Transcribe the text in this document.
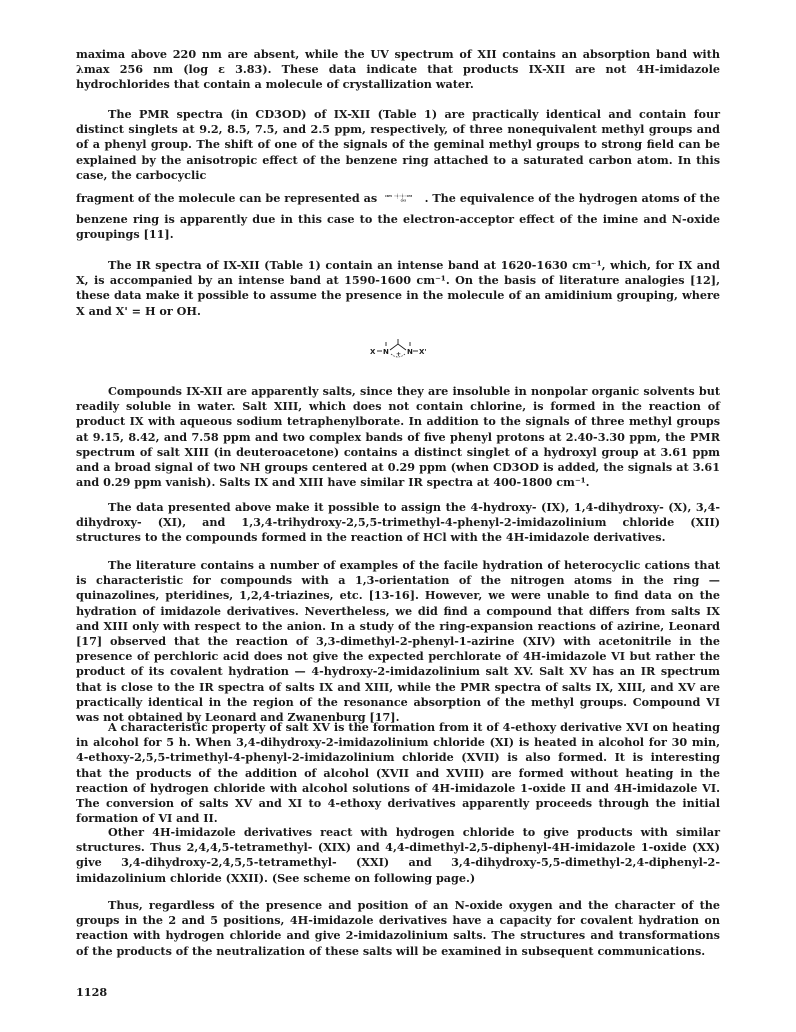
maxima above 220 nm are absent, while the UV spectrum of XII contains an absorption band with λmax 256 nm (log ε 3.83). These data indicate that products IX-XII are not 4H-imidazole hydrochlorides that contain a molecule of crystallization water.

The PMR spectra (in CD3OD) of IX-XII (Table 1) are practically identical and contain four distinct singlets at 9.2, 8.5, 7.5, and 2.5 ppm, respectively, of three nonequivalent methyl groups and of a phenyl group. The shift of one of the signals of the geminal methyl groups to strong field can be explained by the anisotropic effect of the benzene ring attached to a saturated carbon atom. In this case, the carbocyclic

fragment of the molecule can be represented as C6H5 C C CH3
CH3 . The equivalence of the hydrogen atoms of the

benzene ring is apparently due in this case to the electron-acceptor effect of the imine and N-oxide groupings [11].

The IR spectra of IX-XII (Table 1) contain an intense band at 1620-1630 cm⁻¹, which, for IX and X, is accompanied by an intense band at 1590-1600 cm⁻¹. On the basis of literature analogies [12], these data make it possible to assume the presence in the molecule of an amidinium grouping, where X and X' = H or OH.

X N + N X'

Compounds IX-XII are apparently salts, since they are insoluble in nonpolar organic solvents but readily soluble in water. Salt XIII, which does not contain chlorine, is formed in the reaction of product IX with aqueous sodium tetraphenylborate. In addition to the signals of three methyl groups at 9.15, 8.42, and 7.58 ppm and two complex bands of five phenyl protons at 2.40-3.30 ppm, the PMR spectrum of salt XIII (in deuteroacetone) contains a distinct singlet of a hydroxyl group at 3.61 ppm and a broad signal of two NH groups centered at 0.29 ppm (when CD3OD is added, the signals at 3.61 and 0.29 ppm vanish). Salts IX and XIII have similar IR spectra at 400-1800 cm⁻¹.

The data presented above make it possible to assign the 4-hydroxy- (IX), 1,4-dihydroxy- (X), 3,4-dihydroxy- (XI), and 1,3,4-trihydroxy-2,5,5-trimethyl-4-phenyl-2-imidazolinium chloride (XII) structures to the compounds formed in the reaction of HCl with the 4H-imidazole derivatives.

The literature contains a number of examples of the facile hydration of heterocyclic cations that is characteristic for compounds with a 1,3-orientation of the nitrogen atoms in the ring — quinazolines, pteridines, 1,2,4-triazines, etc. [13-16]. However, we were unable to find data on the hydration of imidazole derivatives. Nevertheless, we did find a compound that differs from salts IX and XIII only with respect to the anion. In a study of the ring-expansion reactions of azirine, Leonard [17] observed that the reaction of 3,3-dimethyl-2-phenyl-1-azirine (XIV) with acetonitrile in the presence of perchloric acid does not give the expected perchlorate of 4H-imidazole VI but rather the product of its covalent hydration — 4-hydroxy-2-imidazolinium salt XV. Salt XV has an IR spectrum that is close to the IR spectra of salts IX and XIII, while the PMR spectra of salts IX, XIII, and XV are practically identical in the region of the resonance absorption of the methyl groups. Compound VI was not obtained by Leonard and Zwanenburg [17].

A characteristic property of salt XV is the formation from it of 4-ethoxy derivative XVI on heating in alcohol for 5 h. When 3,4-dihydroxy-2-imidazolinium chloride (XI) is heated in alcohol for 30 min, 4-ethoxy-2,5,5-trimethyl-4-phenyl-2-imidazolinium chloride (XVII) is also formed. It is interesting that the products of the addition of alcohol (XVII and XVIII) are formed without heating in the reaction of hydrogen chloride with alcohol solutions of 4H-imidazole 1-oxide II and 4H-imidazole VI. The conversion of salts XV and XI to 4-ethoxy derivatives apparently proceeds through the initial formation of VI and II.

Other 4H-imidazole derivatives react with hydrogen chloride to give products with similar structures. Thus 2,4,4,5-tetramethyl- (XIX) and 4,4-dimethyl-2,5-diphenyl-4H-imidazole 1-oxide (XX) give 3,4-dihydroxy-2,4,5,5-tetramethyl- (XXI) and 3,4-dihydroxy-5,5-dimethyl-2,4-diphenyl-2-imidazolinium chloride (XXII). (See scheme on following page.)

Thus, regardless of the presence and position of an N-oxide oxygen and the character of the groups in the 2 and 5 positions, 4H-imidazole derivatives have a capacity for covalent hydration on reaction with hydrogen chloride and give 2-imidazolinium salts. The structures and transformations of the products of the neutralization of these salts will be examined in subsequent communications.

1128
